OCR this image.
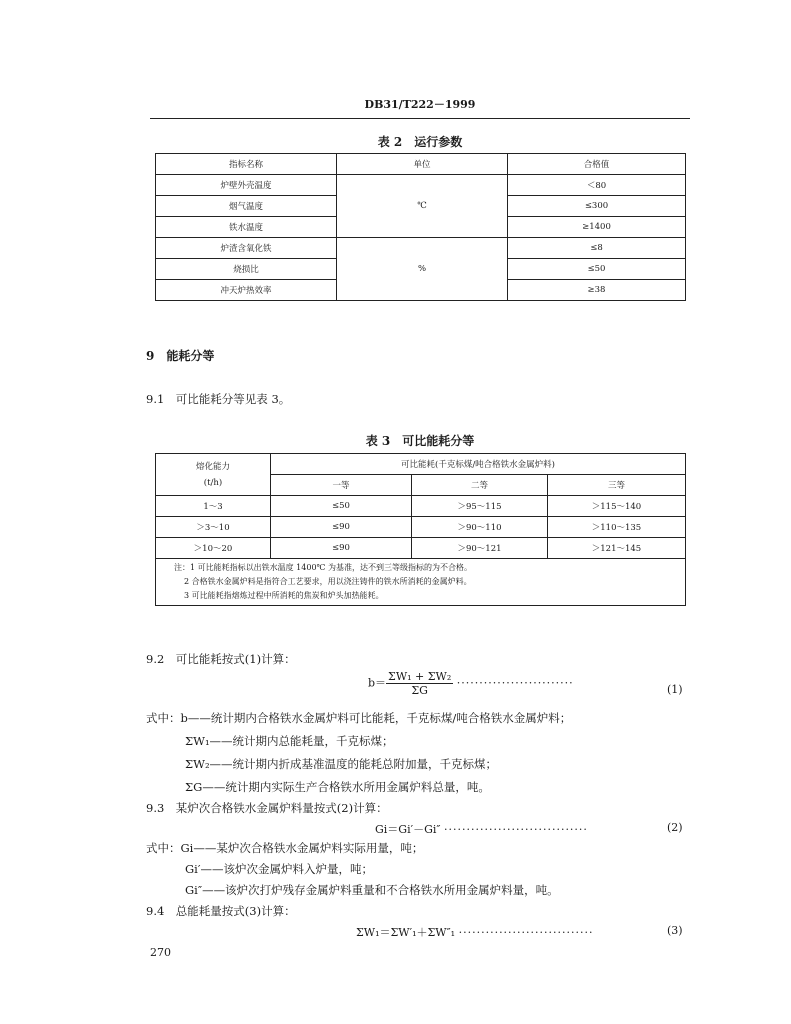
DB31/T222－1999
表 2　运行参数
指标名称	单位	合格值
炉壁外壳温度	℃	＜80
烟气温度		≤300
铁水温度		≥1400
炉渣含氧化铁	%	≤8
烧损比		≤50
冲天炉热效率		≥38
9　能耗分等
9.1　可比能耗分等见表 3。
表 3　可比能耗分等
熔化能力
(t/h)	可比能耗(千克标煤/吨合格铁水金属炉料)		
	一等	二等	三等
1～3	≤50	＞95～115	＞115～140
＞3～10	≤90	＞90～110	＞110～135
＞10～20	≤90	＞90～121	＞121～145

注：1 可比能耗指标以出铁水温度 1400℃ 为基准，达不到三等级指标的为不合格。
2 合格铁水金属炉料是指符合工艺要求，用以浇注铸件的铁水所消耗的金属炉料。
3 可比能耗指熔炼过程中所消耗的焦炭和炉头加热能耗。			
9.2　可比能耗按式(1)计算：
$b= \frac{\text{ΣW₁ + ΣW₂}}{\Sigma G}$ ··························	(1)
式中：b——统计期内合格铁水金属炉料可比能耗，千克标煤/吨合格铁水金属炉料；
ΣW₁——统计期内总能耗量，千克标煤；
ΣW₂——统计期内折成基准温度的能耗总附加量，千克标煤；
ΣG——统计期内实际生产合格铁水所用金属炉料总量，吨。
9.3　某炉次合格铁水金属炉料量按式(2)计算：
Gi＝Gi′－Gi″ ································	(2)
式中：Gi——某炉次合格铁水金属炉料实际用量，吨；
Gi′——该炉次金属炉料入炉量，吨；
Gi″——该炉次打炉残存金属炉料重量和不合格铁水所用金属炉料量，吨。
9.4　总能耗量按式(3)计算：
ΣW₁＝ΣW′₁＋ΣW″₁ ······························	(3)
270
